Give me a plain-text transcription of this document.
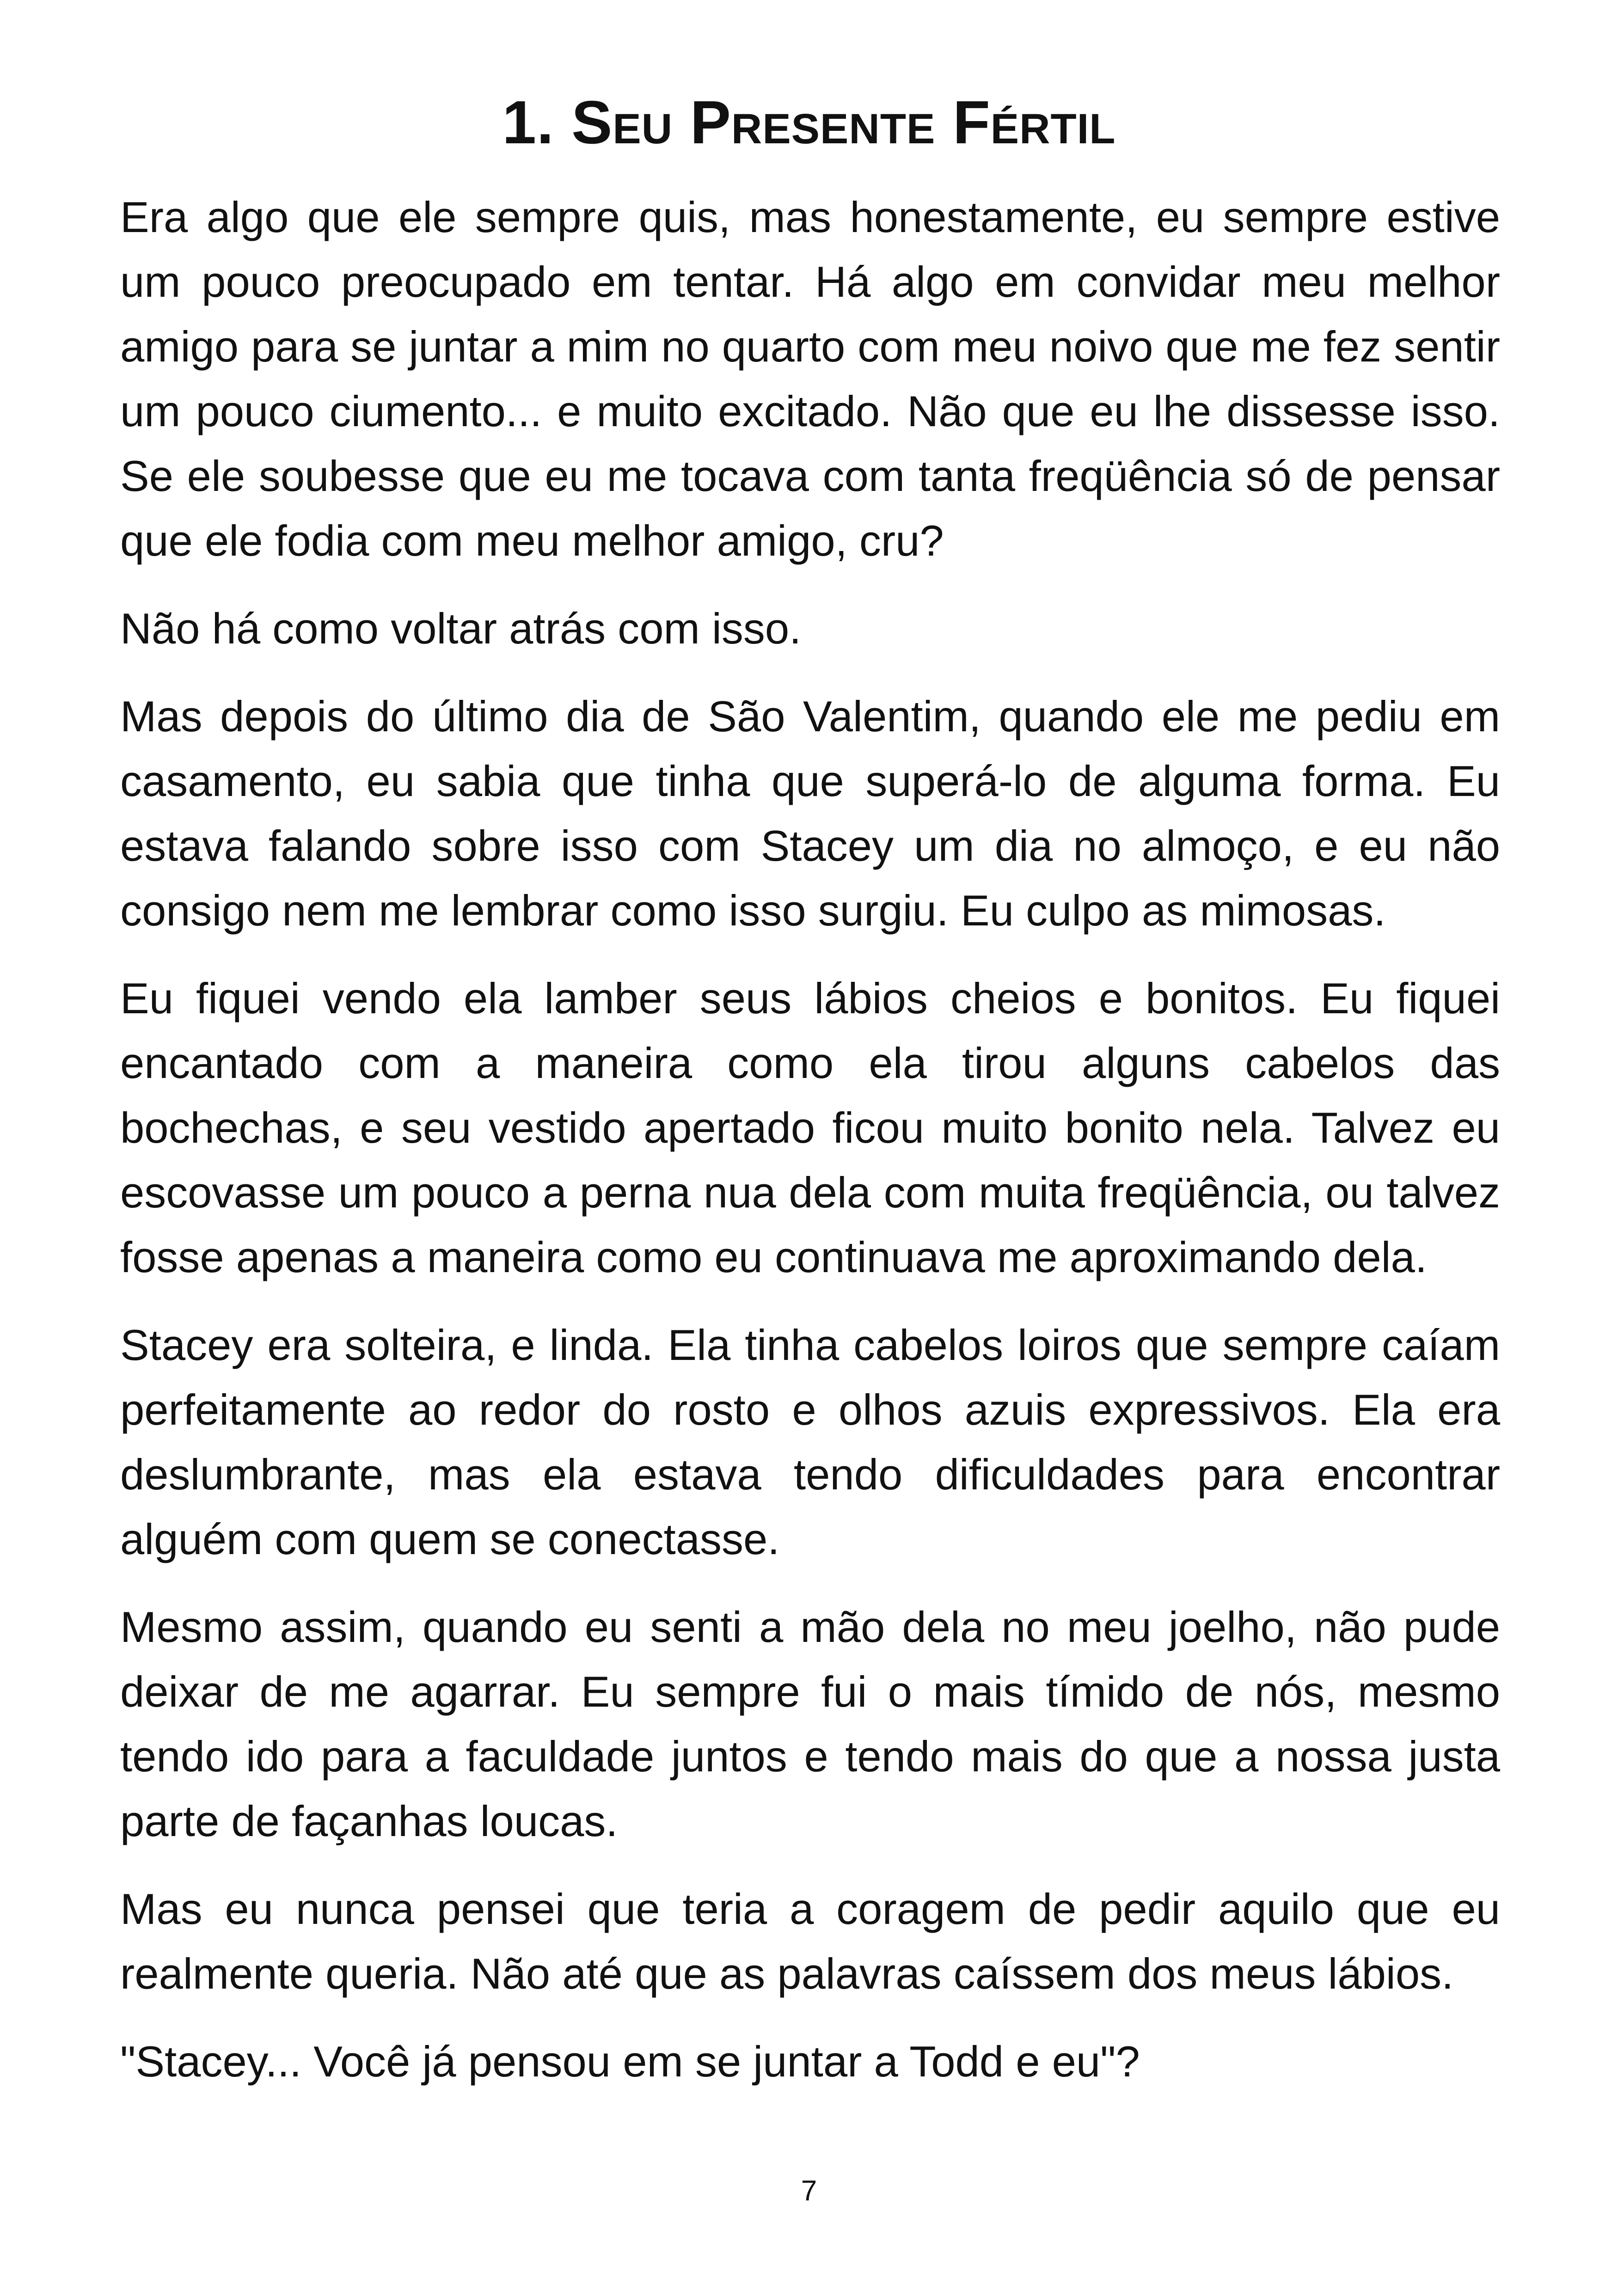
1. Seu Presente Fértil

Era algo que ele sempre quis, mas honestamente, eu sempre estive um pouco preocupado em tentar. Há algo em convidar meu melhor amigo para se juntar a mim no quarto com meu noivo que me fez sentir um pouco ciumento... e muito excitado. Não que eu lhe dissesse isso. Se ele soubesse que eu me tocava com tanta freqüência só de pensar que ele fodia com meu melhor amigo, cru?

Não há como voltar atrás com isso.

Mas depois do último dia de São Valentim, quando ele me pediu em casamento, eu sabia que tinha que superá-lo de alguma forma. Eu estava falando sobre isso com Stacey um dia no almoço, e eu não consigo nem me lembrar como isso surgiu. Eu culpo as mimosas.

Eu fiquei vendo ela lamber seus lábios cheios e bonitos. Eu fiquei encantado com a maneira como ela tirou alguns cabelos das bochechas, e seu vestido apertado ficou muito bonito nela. Talvez eu escovasse um pouco a perna nua dela com muita freqüência, ou talvez fosse apenas a maneira como eu continuava me aproximando dela.

Stacey era solteira, e linda. Ela tinha cabelos loiros que sempre caíam perfeitamente ao redor do rosto e olhos azuis expressivos. Ela era deslumbrante, mas ela estava tendo dificuldades para encontrar alguém com quem se conectasse.

Mesmo assim, quando eu senti a mão dela no meu joelho, não pude deixar de me agarrar. Eu sempre fui o mais tímido de nós, mesmo tendo ido para a faculdade juntos e tendo mais do que a nossa justa parte de façanhas loucas.

Mas eu nunca pensei que teria a coragem de pedir aquilo que eu realmente queria. Não até que as palavras caíssem dos meus lábios.

"Stacey... Você já pensou em se juntar a Todd e eu"?

7
